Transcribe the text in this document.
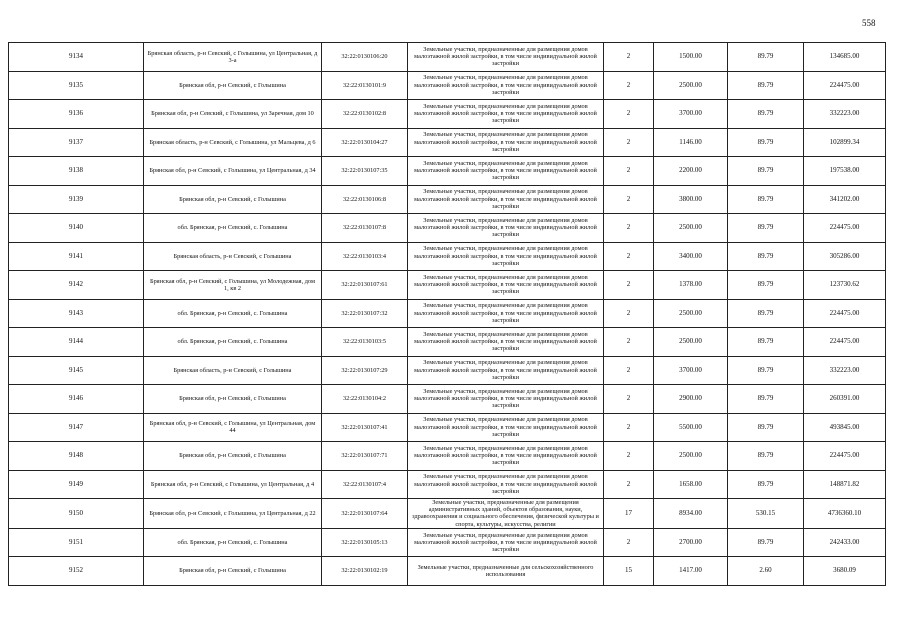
558
9134	Брянская область, р-н Севский, с Голышина, ул Центральная, д 3-а	32:22:0130106:20	Земельные участки, предназначенные для размещения домов малоэтажной жилой застройки, в том числе индивидуальной жилой застройки	2	1500.00	89.79	134685.00
9135	Брянская обл, р-н Севский, с Голышина	32:22:0130101:9	Земельные участки, предназначенные для размещения домов малоэтажной жилой застройки, в том числе индивидуальной жилой застройки	2	2500.00	89.79	224475.00
9136	Брянская обл, р-н Севский, с Голышина, ул Заречная, дом 10	32:22:0130102:8	Земельные участки, предназначенные для размещения домов малоэтажной жилой застройки, в том числе индивидуальной жилой застройки	2	3700.00	89.79	332223.00
9137	Брянская область, р-н Севский, с Голышина, ул Мальцева, д 6	32:22:0130104:27	Земельные участки, предназначенные для размещения домов малоэтажной жилой застройки, в том числе индивидуальной жилой застройки	2	1146.00	89.79	102899.34
9138	Брянская обл, р-н Севский, с Голышина, ул Центральная, д 34	32:22:0130107:35	Земельные участки, предназначенные для размещения домов малоэтажной жилой застройки, в том числе индивидуальной жилой застройки	2	2200.00	89.79	197538.00
9139	Брянская обл, р-н Севский, с Голышина	32:22:0130106:8	Земельные участки, предназначенные для размещения домов малоэтажной жилой застройки, в том числе индивидуальной жилой застройки	2	3800.00	89.79	341202.00
9140	обл. Брянская, р-н Севский, с. Голышина	32:22:0130107:8	Земельные участки, предназначенные для размещения домов малоэтажной жилой застройки, в том числе индивидуальной жилой застройки	2	2500.00	89.79	224475.00
9141	Брянская область, р-н Севский, с Голышина	32:22:0130103:4	Земельные участки, предназначенные для размещения домов малоэтажной жилой застройки, в том числе индивидуальной жилой застройки	2	3400.00	89.79	305286.00
9142	Брянская обл, р-н Севский, с Голышина, ул Молодежная, дом 1, кв 2	32:22:0130107:61	Земельные участки, предназначенные для размещения домов малоэтажной жилой застройки, в том числе индивидуальной жилой застройки	2	1378.00	89.79	123730.62
9143	обл. Брянская, р-н Севский, с. Голышина	32:22:0130107:32	Земельные участки, предназначенные для размещения домов малоэтажной жилой застройки, в том числе индивидуальной жилой застройки	2	2500.00	89.79	224475.00
9144	обл. Брянская, р-н Севский, с. Голышина	32:22:0130103:5	Земельные участки, предназначенные для размещения домов малоэтажной жилой застройки, в том числе индивидуальной жилой застройки	2	2500.00	89.79	224475.00
9145	Брянская область, р-н Севский, с Голышина	32:22:0130107:29	Земельные участки, предназначенные для размещения домов малоэтажной жилой застройки, в том числе индивидуальной жилой застройки	2	3700.00	89.79	332223.00
9146	Брянская обл, р-н Севский, с Голышина	32:22:0130104:2	Земельные участки, предназначенные для размещения домов малоэтажной жилой застройки, в том числе индивидуальной жилой застройки	2	2900.00	89.79	260391.00
9147	Брянская обл, р-н Севский, с Голышина, ул Центральная, дом 44	32:22:0130107:41	Земельные участки, предназначенные для размещения домов малоэтажной жилой застройки, в том числе индивидуальной жилой застройки	2	5500.00	89.79	493845.00
9148	Брянская обл, р-н Севский, с Голышина	32:22:0130107:71	Земельные участки, предназначенные для размещения домов малоэтажной жилой застройки, в том числе индивидуальной жилой застройки	2	2500.00	89.79	224475.00
9149	Брянская обл, р-н Севский, с Голышина, ул Центральная, д 4	32:22:0130107:4	Земельные участки, предназначенные для размещения домов малоэтажной жилой застройки, в том числе индивидуальной жилой застройки	2	1658.00	89.79	148871.82
9150	Брянская обл, р-н Севский, с Голышина, ул Центральная, д 22	32:22:0130107:64	Земельные участки, предназначенные для размещения административных зданий, объектов образования, науки, здравоохранения и социального обеспечения, физической культуры и спорта, культуры, искусства, религии	17	8934.00	530.15	4736360.10
9151	обл. Брянская, р-н Севский, с. Голышина	32:22:0130105:13	Земельные участки, предназначенные для размещения домов малоэтажной жилой застройки, в том числе индивидуальной жилой застройки	2	2700.00	89.79	242433.00
9152	Брянская обл, р-н Севский, с Голышина	32:22:0130102:19	Земельные участки, предназначенные для сельскохозяйственного использования	15	1417.00	2.60	3680.09
